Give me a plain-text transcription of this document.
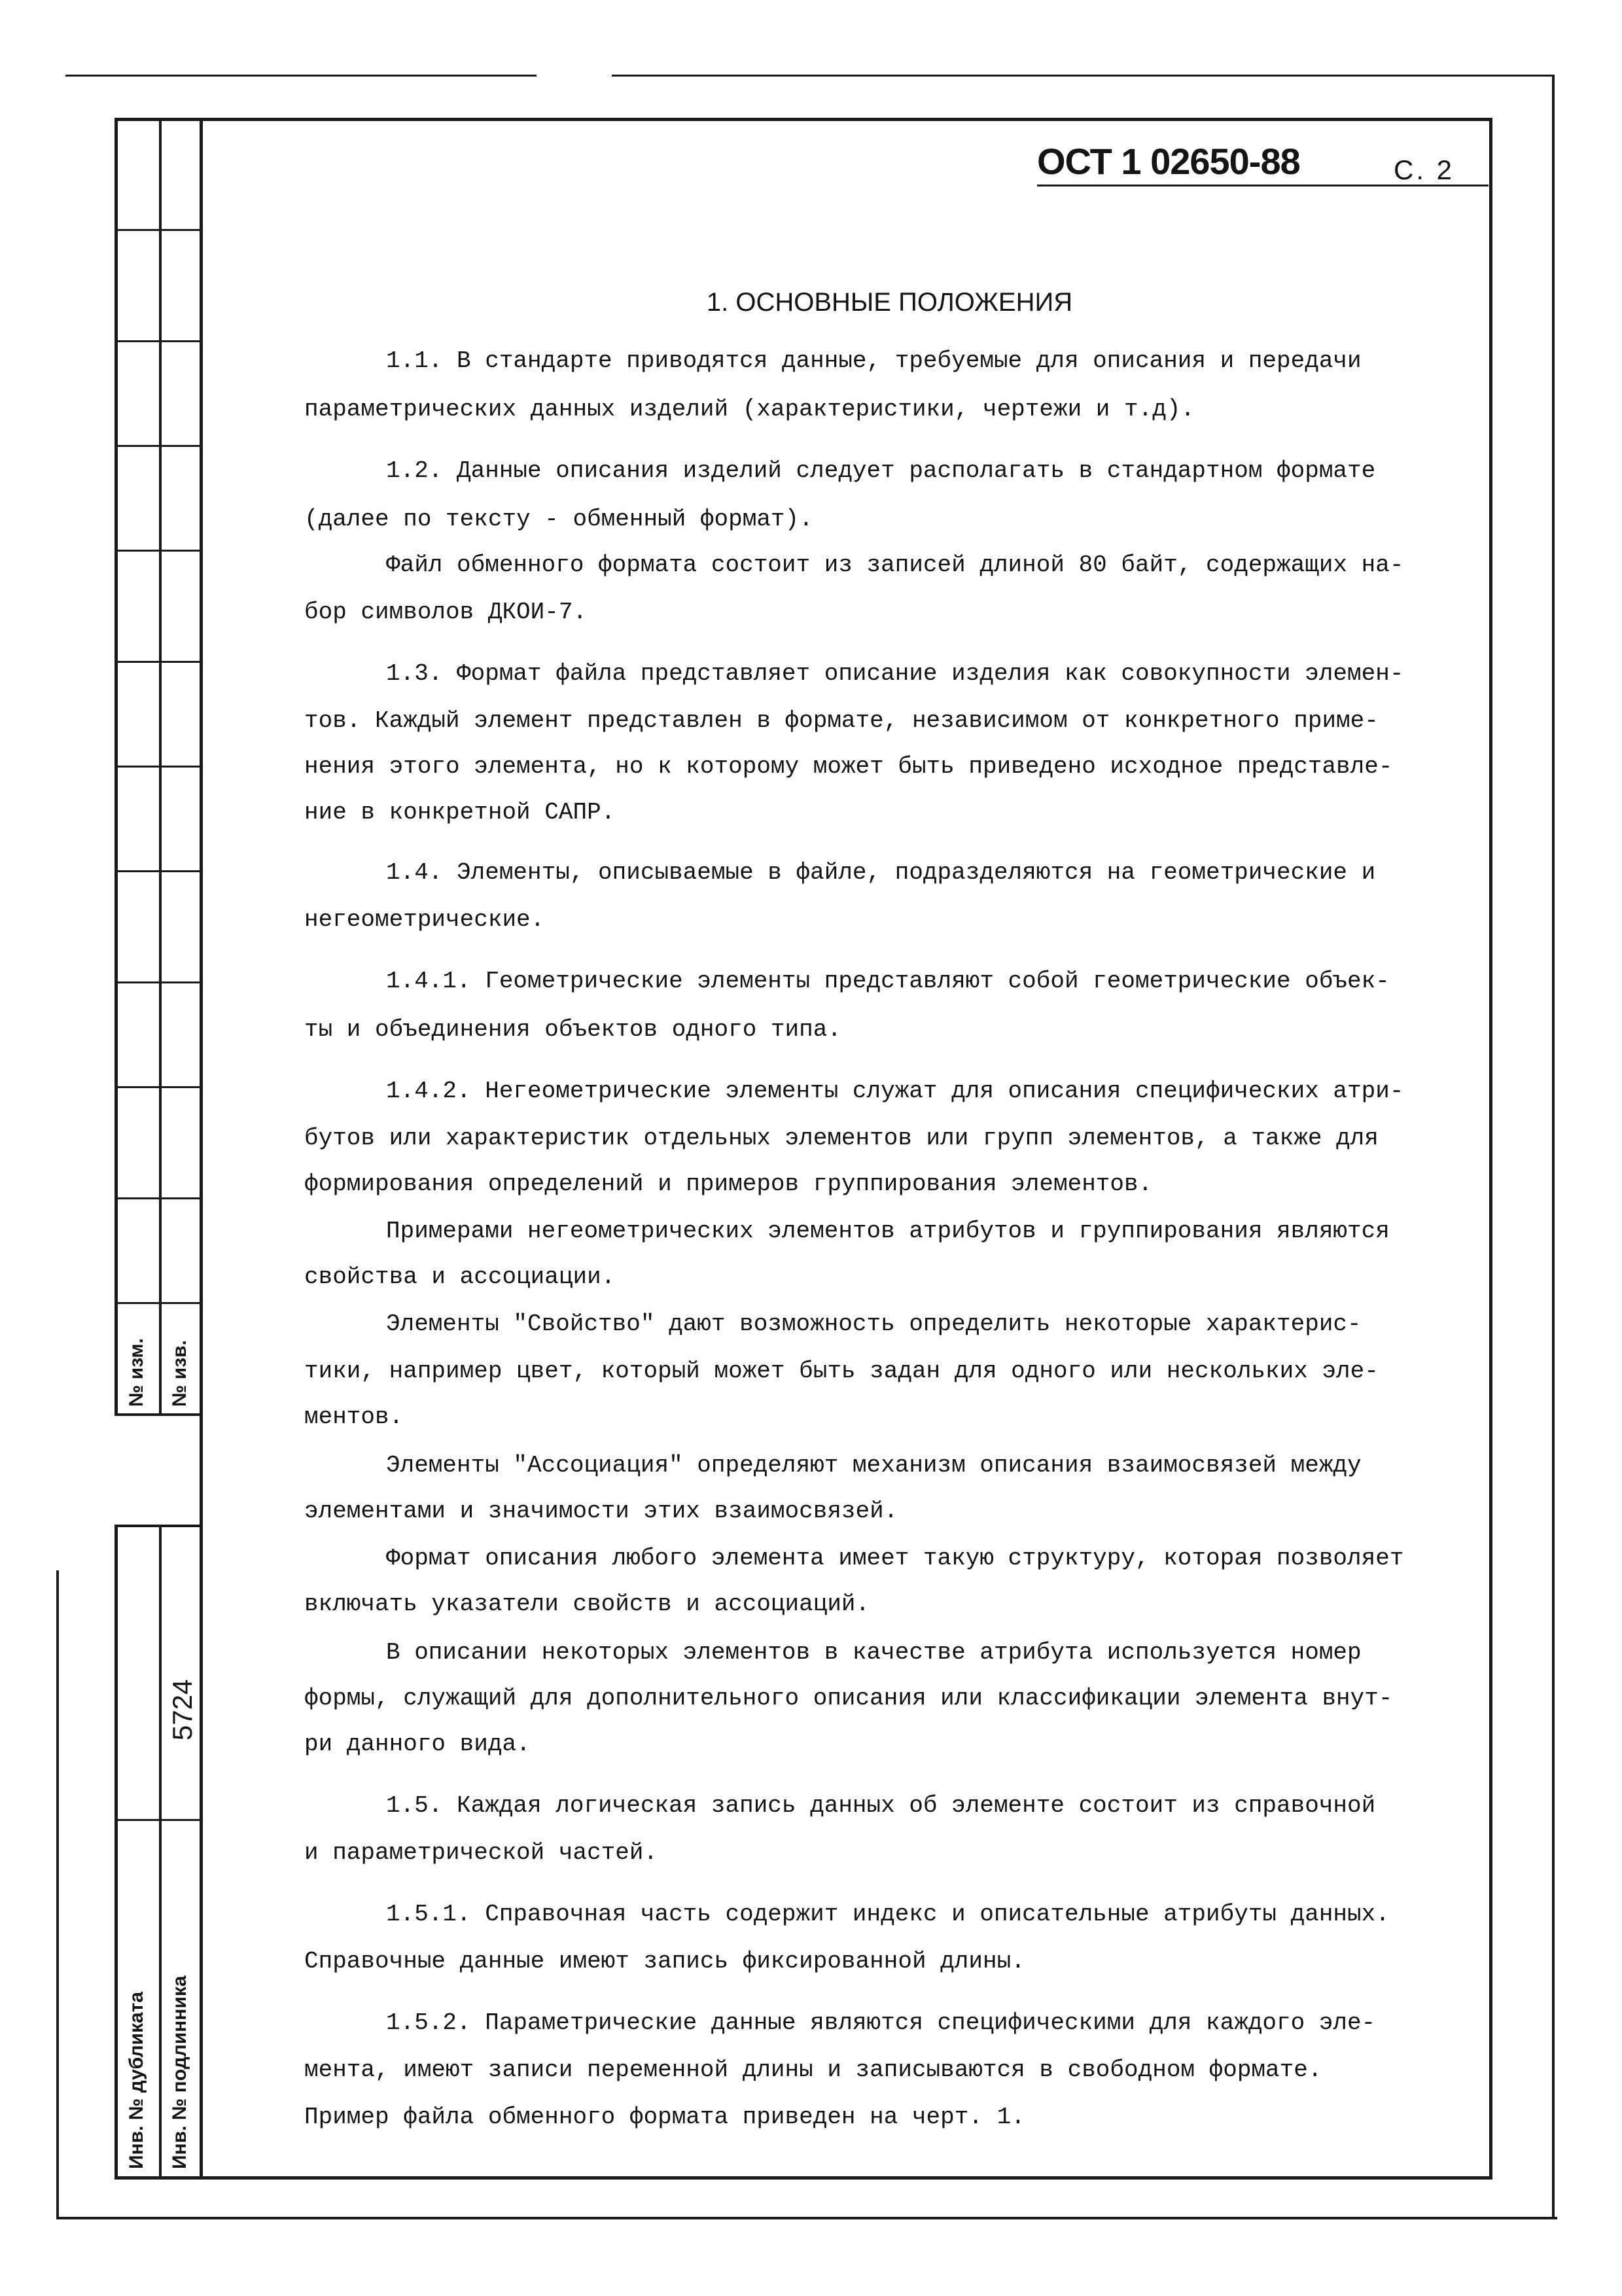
ОСТ 1 02650-88	С. 2
1. ОСНОВНЫЕ ПОЛОЖЕНИЯ
1.1. В стандарте приводятся данные, требуемые для описания и передачи
параметрических данных изделий (характеристики, чертежи и т.д).
1.2. Данные описания изделий следует располагать в стандартном формате
(далее по тексту - обменный формат).
Файл обменного формата состоит из записей длиной 80 байт, содержащих на-
бор символов ДКОИ-7.
1.3. Формат файла представляет описание изделия как совокупности элемен-
тов. Каждый элемент представлен в формате, независимом от конкретного приме-
нения этого элемента, но к которому может быть приведено исходное представле-
ние в конкретной САПР.
1.4. Элементы, описываемые в файле, подразделяются на геометрические и
негеометрические.
1.4.1. Геометрические элементы представляют собой геометрические объек-
ты и объединения объектов одного типа.
1.4.2. Негеометрические элементы служат для описания специфических атри-
бутов или характеристик отдельных элементов или групп элементов, а также для
формирования определений и примеров группирования элементов.
Примерами негеометрических элементов атрибутов и группирования являются
свойства и ассоциации.
Элементы "Свойство" дают возможность определить некоторые характерис-
тики, например цвет, который может быть задан для одного или нескольких эле-
ментов.
Элементы "Ассоциация" определяют механизм описания взаимосвязей между
элементами и значимости этих взаимосвязей.
Формат описания любого элемента имеет такую структуру, которая позволяет
включать указатели свойств и ассоциаций.
В описании некоторых элементов в качестве атрибута используется номер
формы, служащий для дополнительного описания или классификации элемента внут-
ри данного вида.
1.5. Каждая логическая запись данных об элементе состоит из справочной
и параметрической частей.
1.5.1. Справочная часть содержит индекс и описательные атрибуты данных.
Справочные данные имеют запись фиксированной длины.
1.5.2. Параметрические данные являются специфическими для каждого эле-
мента, имеют записи переменной длины и записываются в свободном формате.
Пример файла обменного формата приведен на черт. 1.
№ изм. № изв.
Инв. № дубликата Инв. № подлинника
5724
